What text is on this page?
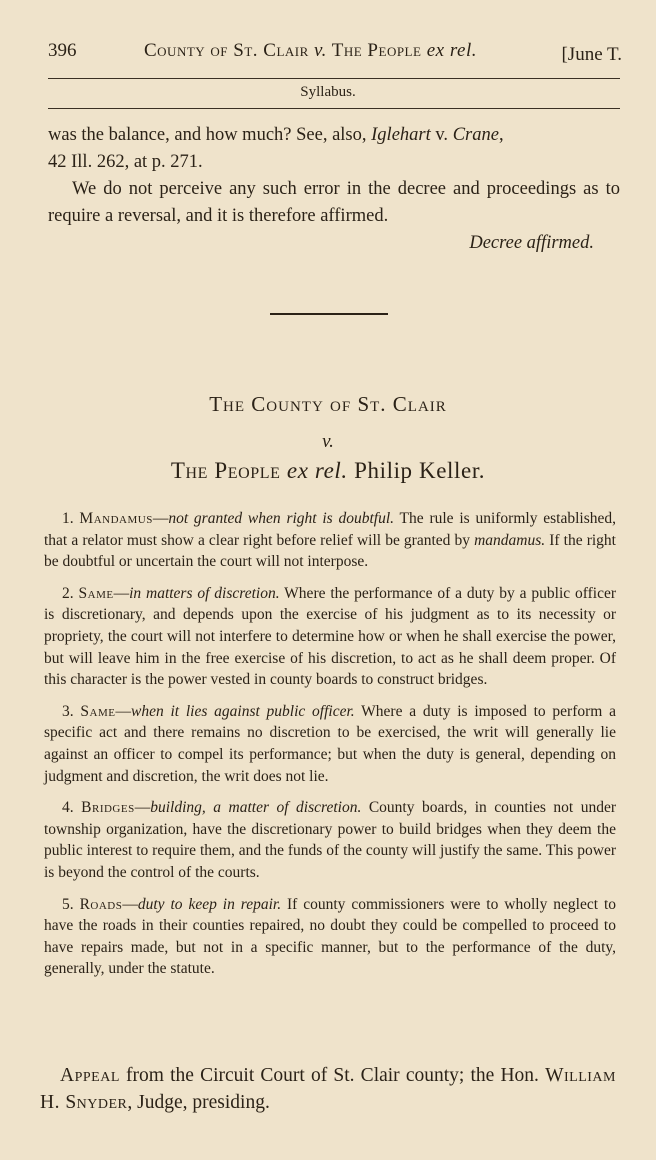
396	County of St. Clair v. The People ex rel.	[June T.
Syllabus.

was the balance, and how much? See, also, Iglehart v. Crane,

42 Ill. 262, at p. 271.

We do not perceive any such error in the decree and proceedings as to require a reversal, and it is therefore affirmed.

Decree affirmed.

The County of St. Clair
v.
The People ex rel. Philip Keller.

1. Mandamus—not granted when right is doubtful. The rule is uniformly established, that a relator must show a clear right before relief will be granted by mandamus. If the right be doubtful or uncertain the court will not interpose.

2. Same—in matters of discretion. Where the performance of a duty by a public officer is discretionary, and depends upon the exercise of his judgment as to its necessity or propriety, the court will not interfere to determine how or when he shall exercise the power, but will leave him in the free exercise of his discretion, to act as he shall deem proper. Of this character is the power vested in county boards to construct bridges.

3. Same—when it lies against public officer. Where a duty is imposed to perform a specific act and there remains no discretion to be exercised, the writ will generally lie against an officer to compel its performance; but when the duty is general, depending on judgment and discretion, the writ does not lie.

4. Bridges—building, a matter of discretion. County boards, in counties not under township organization, have the discretionary power to build bridges when they deem the public interest to require them, and the funds of the county will justify the same. This power is beyond the control of the courts.

5. Roads—duty to keep in repair. If county commissioners were to wholly neglect to have the roads in their counties repaired, no doubt they could be compelled to proceed to have repairs made, but not in a specific manner, but to the performance of the duty, generally, under the statute.

Appeal from the Circuit Court of St. Clair county; the Hon. William H. Snyder, Judge, presiding.
